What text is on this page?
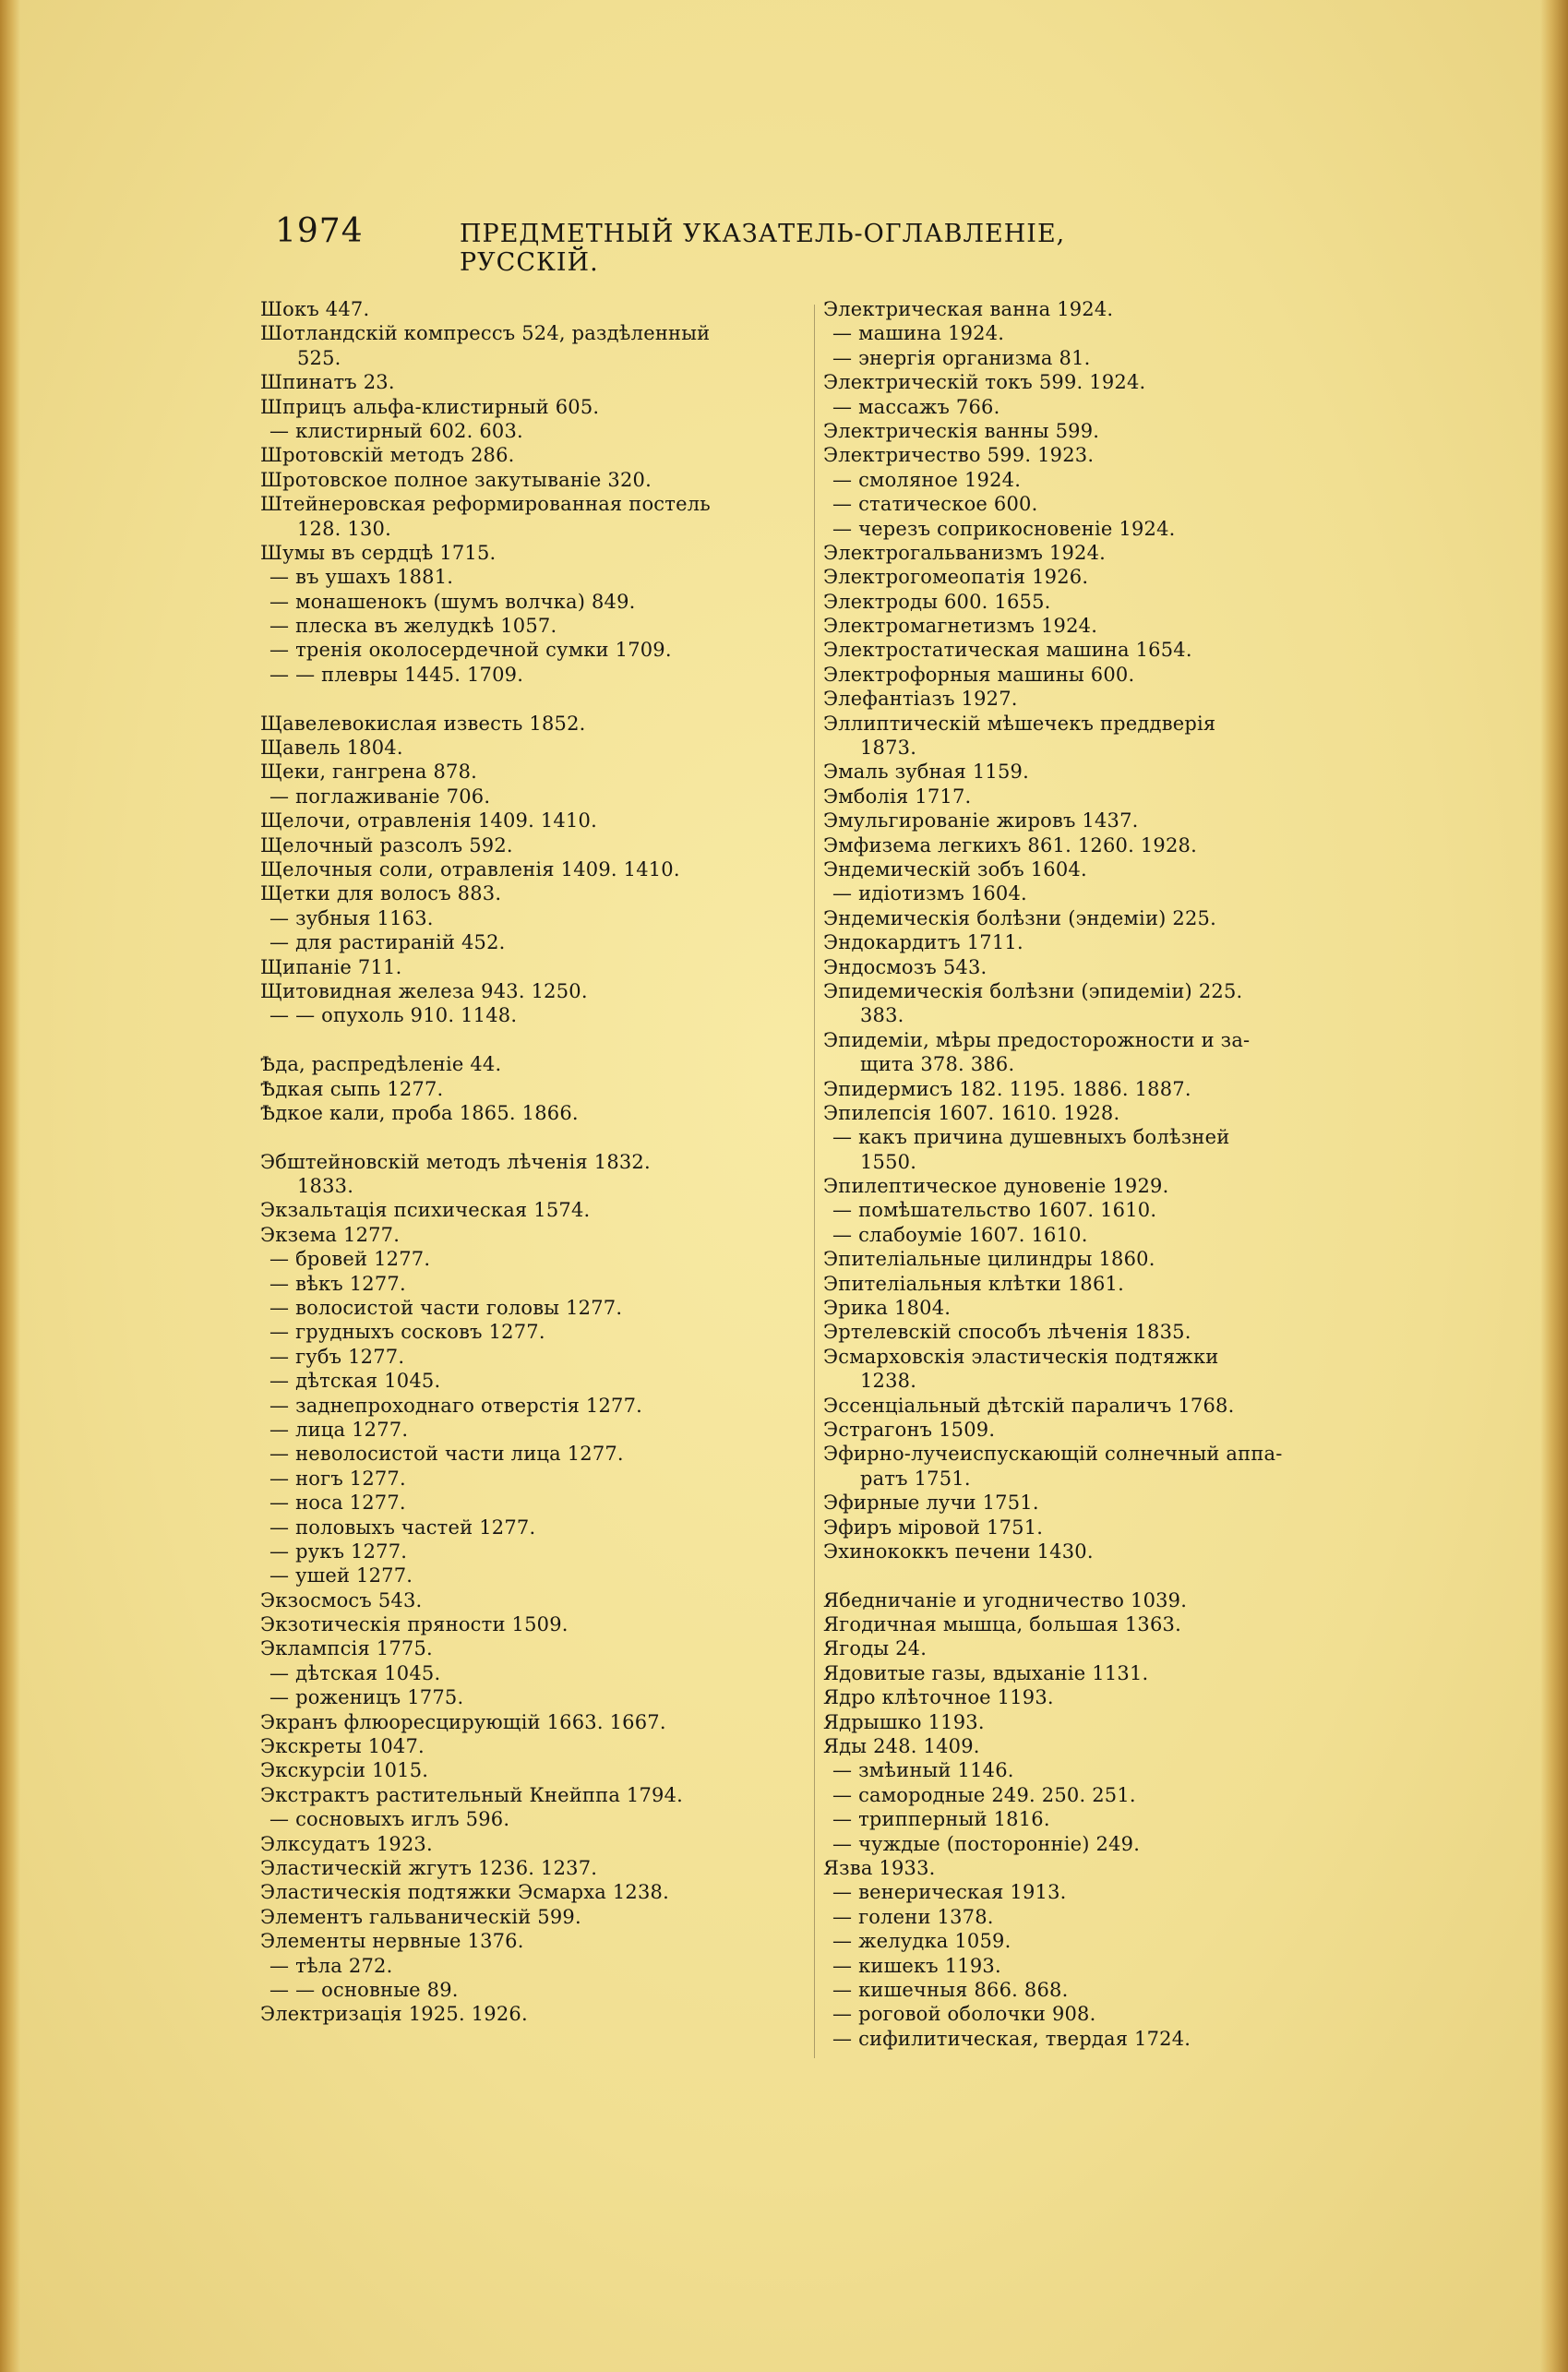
1974	ПРЕДМЕТНЫЙ УКАЗАТЕЛЬ-ОГЛАВЛЕНІЕ, РУССКІЙ.
Шокъ 447.
Шотландскій компрессъ 524, раздѣленный
525.
Шпинатъ 23.
Шприцъ альфа-клистирный 605.
— клистирный 602. 603.
Шротовскій методъ 286.
Шротовское полное закутываніе 320.
Штейнеровская реформированная постель
128. 130.
Шумы въ сердцѣ 1715.
— въ ушахъ 1881.
— монашенокъ (шумъ волчка) 849.
— плеска въ желудкѣ 1057.
— тренія околосердечной сумки 1709.
— — плевры 1445. 1709.
Щавелевокислая известь 1852.
Щавель 1804.
Щеки, гангрена 878.
— поглаживаніе 706.
Щелочи, отравленія 1409. 1410.
Щелочный разсолъ 592.
Щелочныя соли, отравленія 1409. 1410.
Щетки для волосъ 883.
— зубныя 1163.
— для растираній 452.
Щипаніе 711.
Щитовидная железа 943. 1250.
— — опухоль 910. 1148.
Ѣда, распредѣленіе 44.
Ѣдкая сыпь 1277.
Ѣдкое кали, проба 1865. 1866.
Эбштейновскій методъ лѣченія 1832.
1833.
Экзальтація психическая 1574.
Экзема 1277.
— бровей 1277.
— вѣкъ 1277.
— волосистой части головы 1277.
— грудныхъ сосковъ 1277.
— губъ 1277.
— дѣтская 1045.
— заднепроходнаго отверстія 1277.
— лица 1277.
— неволосистой части лица 1277.
— ногъ 1277.
— носа 1277.
— половыхъ частей 1277.
— рукъ 1277.
— ушей 1277.
Экзосмосъ 543.
Экзотическія пряности 1509.
Эклампсія 1775.
— дѣтская 1045.
— роженицъ 1775.
Экранъ флюоресцирующій 1663. 1667.
Экскреты 1047.
Экскурсіи 1015.
Экстрактъ растительный Кнейппа 1794.
— сосновыхъ иглъ 596.
Элксудатъ 1923.
Эластическій жгутъ 1236. 1237.
Эластическія подтяжки Эсмарха 1238.
Элементъ гальваническій 599.
Элементы нервные 1376.
— тѣла 272.
— — основные 89.
Электризація 1925. 1926.
Электрическая ванна 1924.
— машина 1924.
— энергія организма 81.
Электрическій токъ 599. 1924.
— массажъ 766.
Электрическія ванны 599.
Электричество 599. 1923.
— смоляное 1924.
— статическое 600.
— черезъ соприкосновеніе 1924.
Электрогальванизмъ 1924.
Электрогомеопатія 1926.
Электроды 600. 1655.
Электромагнетизмъ 1924.
Электростатическая машина 1654.
Электрофорныя машины 600.
Элефантіазъ 1927.
Эллиптическій мѣшечекъ преддверія
1873.
Эмаль зубная 1159.
Эмболія 1717.
Эмульгированіе жировъ 1437.
Эмфизема легкихъ 861. 1260. 1928.
Эндемическій зобъ 1604.
— идіотизмъ 1604.
Эндемическія болѣзни (эндеміи) 225.
Эндокардитъ 1711.
Эндосмозъ 543.
Эпидемическія болѣзни (эпидеміи) 225.
383.
Эпидеміи, мѣры предосторожности и за-
щита 378. 386.
Эпидермисъ 182. 1195. 1886. 1887.
Эпилепсія 1607. 1610. 1928.
— какъ причина душевныхъ болѣзней
1550.
Эпилептическое дуновеніе 1929.
— помѣшательство 1607. 1610.
— слабоуміе 1607. 1610.
Эпителіальные цилиндры 1860.
Эпителіальныя клѣтки 1861.
Эрика 1804.
Эртелевскій способъ лѣченія 1835.
Эсмарховскія эластическія подтяжки
1238.
Эссенціальный дѣтскій параличъ 1768.
Эстрагонъ 1509.
Эфирно-лучеиспускающій солнечный аппа-
ратъ 1751.
Эфирные лучи 1751.
Эфиръ міровой 1751.
Эхинококкъ печени 1430.
Ябедничаніе и угодничество 1039.
Ягодичная мышца, большая 1363.
Ягоды 24.
Ядовитые газы, вдыханіе 1131.
Ядро клѣточное 1193.
Ядрышко 1193.
Яды 248. 1409.
— змѣиный 1146.
— самородные 249. 250. 251.
— трипперный 1816.
— чуждые (посторонніе) 249.
Язва 1933.
— венерическая 1913.
— голени 1378.
— желудка 1059.
— кишекъ 1193.
— кишечныя 866. 868.
— роговой оболочки 908.
— сифилитическая, твердая 1724.
